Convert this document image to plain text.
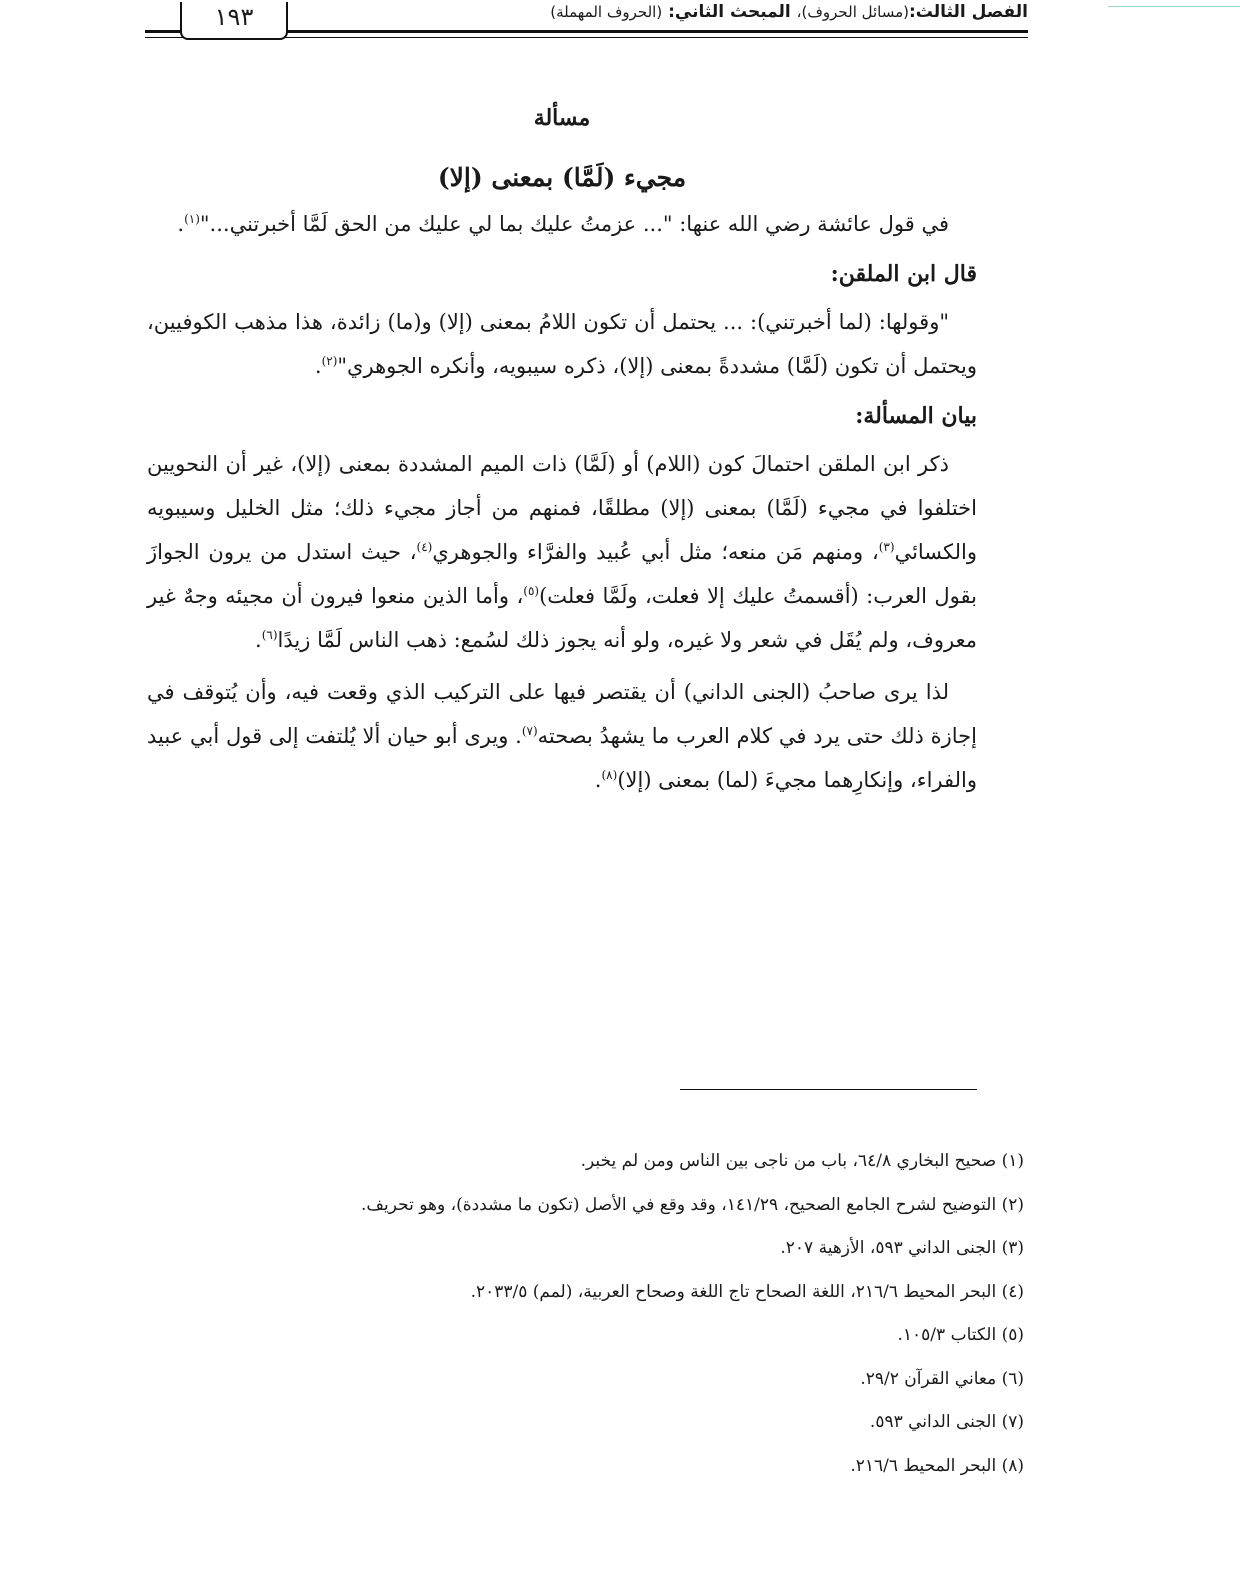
الفصل الثالث:(مسائل الحروف)، المبحث الثاني: (الحروف المهملة)
١٩٣
مسألة
مجيء (لَمَّا) بمعنى (إلا)

في قول عائشة رضي الله عنها: "... عزمتُ عليك بما لي عليك من الحق لَمَّا أخبرتني..."$^{(١)}$.

قال ابن الملقن:

"وقولها: (لما أخبرتني): ... يحتمل أن تكون اللامُ بمعنى (إلا) و(ما) زائدة، هذا مذهب الكوفيين، ويحتمل أن تكون (لَمَّا) مشددةً بمعنى (إلا)، ذكره سيبويه، وأنكره الجوهري"$^{(٢)}$.

بيان المسألة:

ذكر ابن الملقن احتمالَ كون (اللام) أو (لَمَّا) ذات الميم المشددة بمعنى (إلا)، غير أن النحويين اختلفوا في مجيء (لَمَّا) بمعنى (إلا) مطلقًا، فمنهم من أجاز مجيء ذلك؛ مثل الخليل وسيبويه والكسائي$^{(٣)}$، ومنهم مَن منعه؛ مثل أبي عُبيد والفرَّاء والجوهري$^{(٤)}$، حيث استدل من يرون الجوازَ بقول العرب: (أقسمتُ عليك إلا فعلت، ولَمَّا فعلت)$^{(٥)}$، وأما الذين منعوا فيرون أن مجيئه وجهٌ غير معروف، ولم يُقَل في شعر ولا غيره، ولو أنه يجوز ذلك لسُمع: ذهب الناس لَمَّا زيدًا$^{(٦)}$.

لذا يرى صاحبُ (الجنى الداني) أن يقتصر فيها على التركيب الذي وقعت فيه، وأن يُتوقف في إجازة ذلك حتى يرد في كلام العرب ما يشهدُ بصحته$^{(٧)}$. ويرى أبو حيان ألا يُلتفت إلى قول أبي عبيد والفراء، وإنكارِهما مجيءَ (لما) بمعنى (إلا)$^{(٨)}$.

(١) صحيح البخاري ٦٤/٨، باب من ناجى بين الناس ومن لم يخبر.

(٢) التوضيح لشرح الجامع الصحيح، ١٤١/٢٩، وقد وقع في الأصل (تكون ما مشددة)، وهو تحريف.

(٣) الجنى الداني ٥٩٣، الأزهية ٢٠٧.

(٤) البحر المحيط ٢١٦/٦، اللغة الصحاح تاج اللغة وصحاح العربية، (لمم) ٢٠٣٣/٥.

(٥) الكتاب ١٠٥/٣.

(٦) معاني القرآن ٢٩/٢.

(٧) الجنى الداني ٥٩٣.

(٨) البحر المحيط ٢١٦/٦.
